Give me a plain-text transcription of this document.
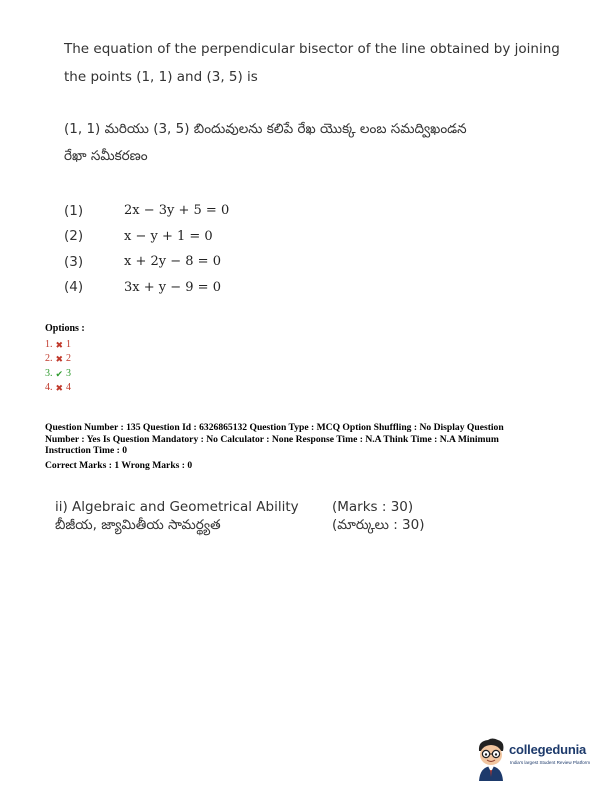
The equation of the perpendicular bisector of the line obtained by joining

the points (1, 1) and (3, 5) is

(1, 1) మరియు (3, 5) బిందువులను కలిపే రేఖ యొక్క లంబ సమద్విఖండన

రేఖా సమీకరణం

(1)	2x − 3y + 5 = 0
(2)	x − y + 1 = 0
(3)	x + 2y − 8 = 0
(4)	3x + y − 9 = 0
Options :
1. ✖ 1
2. ✖ 2
3. ✔ 3
4. ✖ 4

Question Number : 135 Question Id : 6326865132 Question Type : MCQ Option Shuffling : No Display Question

Number : Yes Is Question Mandatory : No Calculator : None Response Time : N.A Think Time : N.A Minimum

Instruction Time : 0

Correct Marks : 1 Wrong Marks : 0

ii) Algebraic and Geometrical Ability	(Marks : 30)
బీజీయ, జ్యామితీయ సామర్థ్యత	(మార్కులు : 30)
collegedunia
India's largest Student Review Platform
